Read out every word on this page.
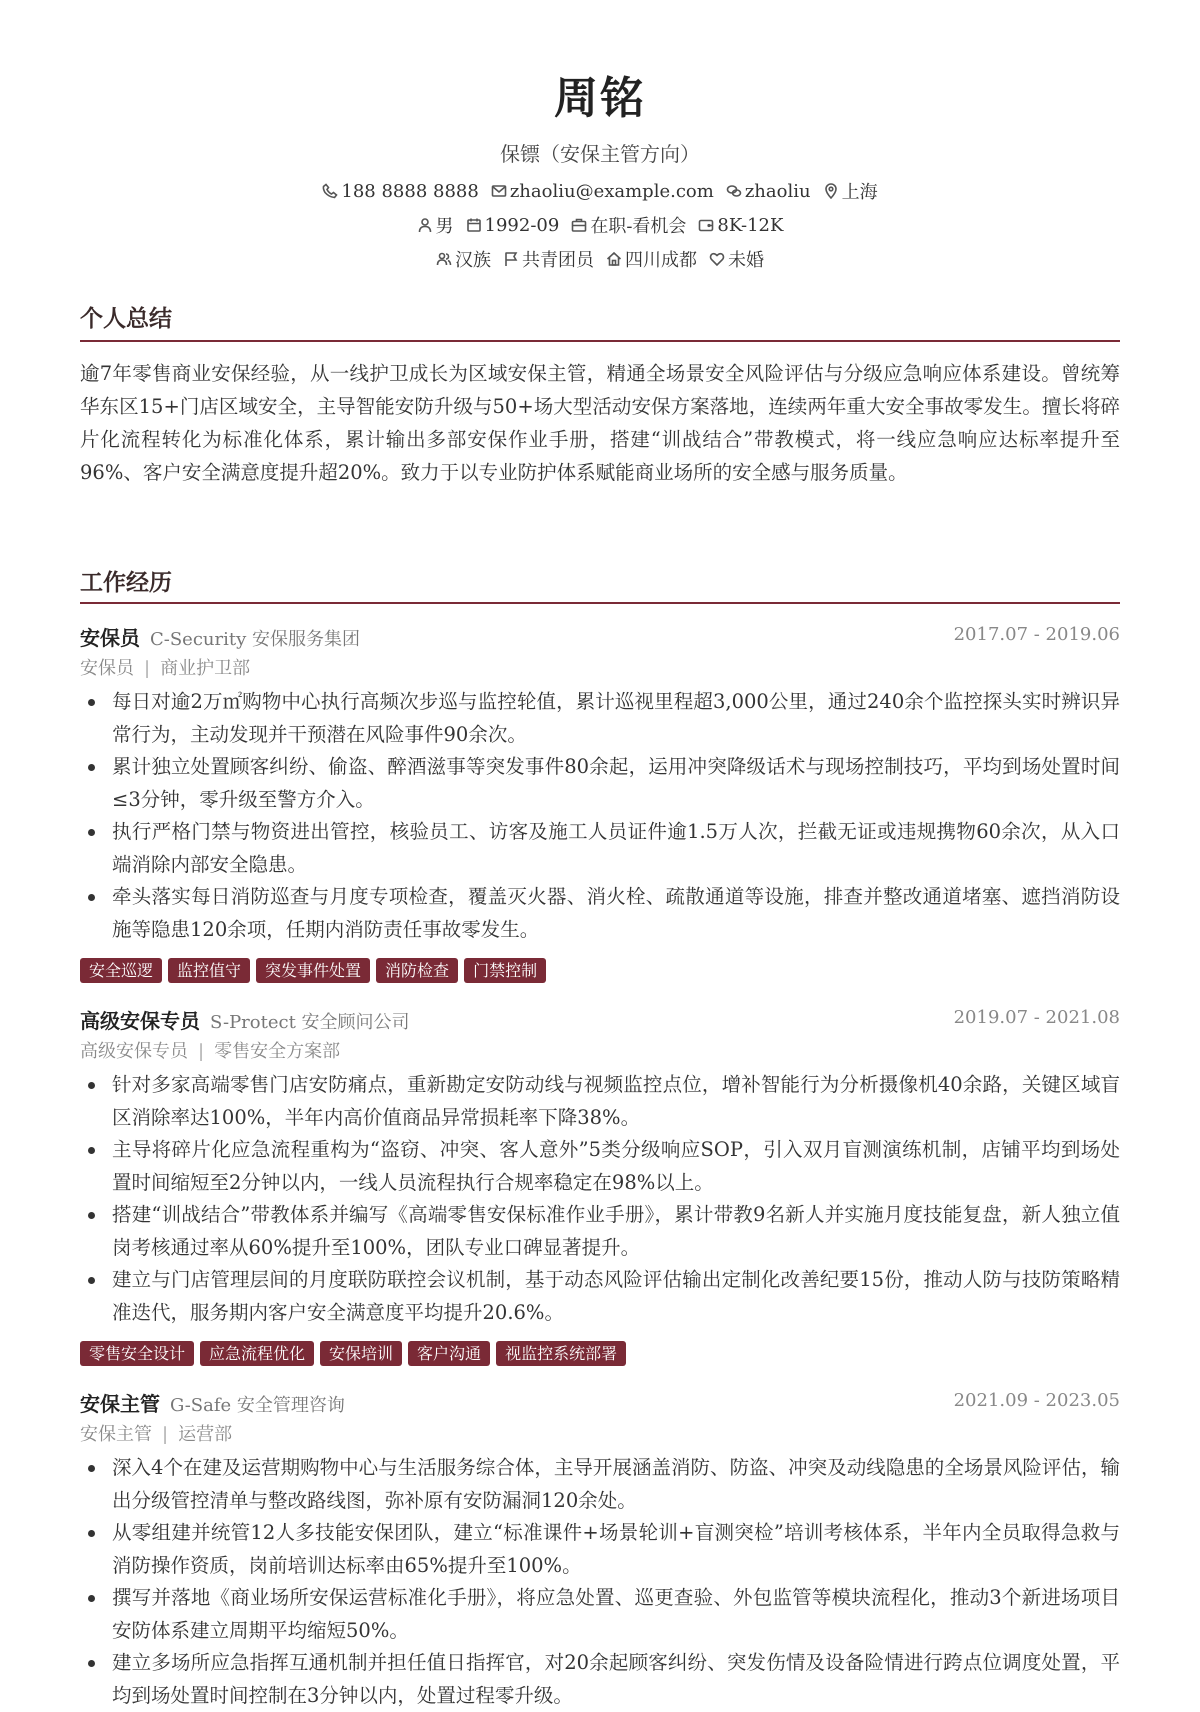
周铭
保镖（安保主管方向）
188 8888 8888 zhaoliu@example.com zhaoliu 上海
男 1992-09 在职-看机会 8K-12K
汉族 共青团员 四川成都 未婚
个人总结

逾7年零售商业安保经验，从一线护卫成长为区域安保主管，精通全场景安全风险评估与分级应急响应体系建设。曾统筹华东区15+门店区域安全，主导智能安防升级与50+场大型活动安保方案落地，连续两年重大安全事故零发生。擅长将碎片化流程转化为标准化体系，累计输出多部安保作业手册，搭建“训战结合”带教模式，将一线应急响应达标率提升至96%、客户安全满意度提升超20%。致力于以专业防护体系赋能商业场所的安全感与服务质量。

工作经历
安保员 C-Security 安保服务集团	2017.07 - 2019.06
安保员 | 商业护卫部
每日对逾2万㎡购物中心执行高频次步巡与监控轮值，累计巡视里程超3,000公里，通过240余个监控探头实时辨识异常行为，主动发现并干预潜在风险事件90余次。
累计独立处置顾客纠纷、偷盗、醉酒滋事等突发事件80余起，运用冲突降级话术与现场控制技巧，平均到场处置时间≤3分钟，零升级至警方介入。
执行严格门禁与物资进出管控，核验员工、访客及施工人员证件逾1.5万人次，拦截无证或违规携物60余次，从入口端消除内部安全隐患。
牵头落实每日消防巡查与月度专项检查，覆盖灭火器、消火栓、疏散通道等设施，排查并整改通道堵塞、遮挡消防设施等隐患120余项，任期内消防责任事故零发生。
安全巡逻	监控值守	突发事件处置	消防检查	门禁控制
高级安保专员 S-Protect 安全顾问公司	2019.07 - 2021.08
高级安保专员 | 零售安全方案部
针对多家高端零售门店安防痛点，重新勘定安防动线与视频监控点位，增补智能行为分析摄像机40余路，关键区域盲区消除率达100%，半年内高价值商品异常损耗率下降38%。
主导将碎片化应急流程重构为“盗窃、冲突、客人意外”5类分级响应SOP，引入双月盲测演练机制，店铺平均到场处置时间缩短至2分钟以内，一线人员流程执行合规率稳定在98%以上。
搭建“训战结合”带教体系并编写《高端零售安保标准作业手册》，累计带教9名新人并实施月度技能复盘，新人独立值岗考核通过率从60%提升至100%，团队专业口碑显著提升。
建立与门店管理层间的月度联防联控会议机制，基于动态风险评估输出定制化改善纪要15份，推动人防与技防策略精准迭代，服务期内客户安全满意度平均提升20.6%。
零售安全设计	应急流程优化	安保培训	客户沟通	视监控系统部署
安保主管 G-Safe 安全管理咨询	2021.09 - 2023.05
安保主管 | 运营部
深入4个在建及运营期购物中心与生活服务综合体，主导开展涵盖消防、防盗、冲突及动线隐患的全场景风险评估，输出分级管控清单与整改路线图，弥补原有安防漏洞120余处。
从零组建并统管12人多技能安保团队，建立“标准课件+场景轮训+盲测突检”培训考核体系，半年内全员取得急救与消防操作资质，岗前培训达标率由65%提升至100%。
撰写并落地《商业场所安保运营标准化手册》，将应急处置、巡更查验、外包监管等模块流程化，推动3个新进场项目安防体系建立周期平均缩短50%。
建立多场所应急指挥互通机制并担任值日指挥官，对20余起顾客纠纷、突发伤情及设备险情进行跨点位调度处置，平均到场处置时间控制在3分钟以内，处置过程零升级。
